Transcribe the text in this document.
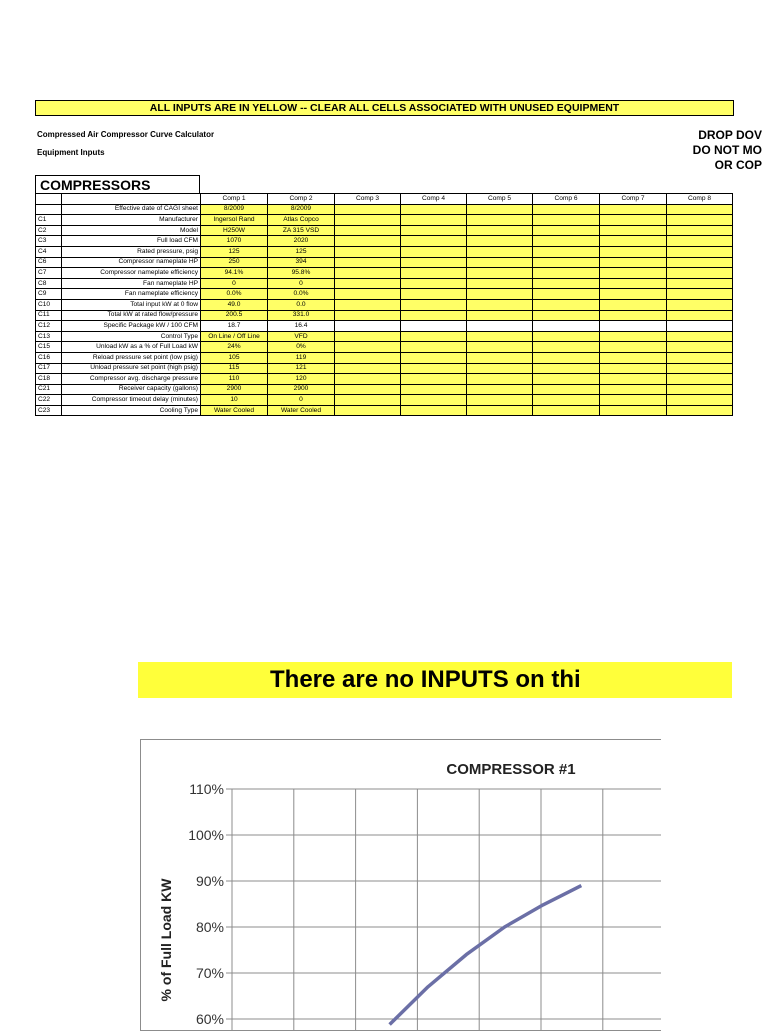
ALL INPUTS ARE IN YELLOW -- CLEAR ALL CELLS ASSOCIATED WITH UNUSED EQUIPMENT
Compressed Air Compressor Curve Calculator
Equipment Inputs
DROP DOV
DO NOT MO
OR COP
COMPRESSORS
		Comp 1	Comp 2	Comp 3	Comp 4	Comp 5	Comp 6	Comp 7	Comp 8
	Effective date of CAGI sheet	8/2009	8/2009						
C1	Manufacturer	Ingersol Rand	Atlas Copco						
C2	Model	H250W	ZA 315 VSD						
C3	Full load CFM	1070	2020						
C4	Rated pressure, psig	125	125						
C6	Compressor nameplate HP	250	394						
C7	Compressor nameplate efficiency	94.1%	95.8%						
C8	Fan nameplate HP	0	0						
C9	Fan nameplate efficiency	0.0%	0.0%						
C10	Total input kW at 0 flow	49.0	0.0						
C11	Total kW at rated flow/pressure	200.5	331.0						
C12	Specific Package kW / 100 CFM	18.7	16.4						
C13	Control Type	On Line / Off Line	VFD						
C15	Unload kW as a % of Full Load kW	24%	0%						
C16	Reload pressure set point (low psig)	105	119						
C17	Unload pressure set point (high psig)	115	121						
C18	Compressor avg. discharge pressure	110	120						
C21	Receiver capacity (gallons)	2900	2900						
C22	Compressor timeout delay (minutes)	10	0						
C23	Cooling Type	Water Cooled	Water Cooled						
There are no INPUTS on thi
COMPRESSOR #1
% of Full Load KW
110%
100%
90%
80%
70%
60%
